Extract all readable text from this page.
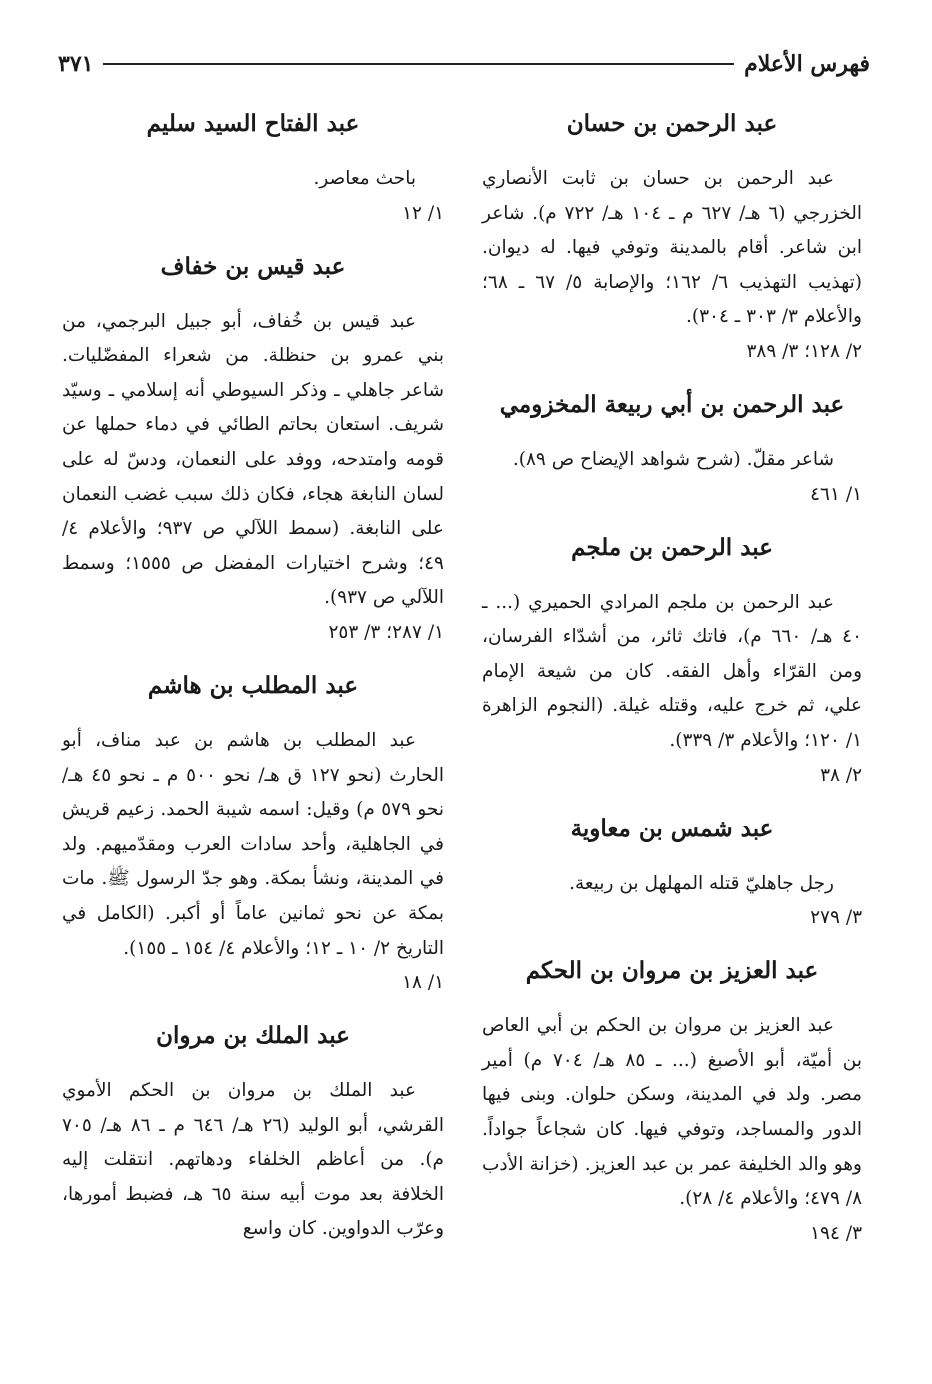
فهرس الأعلام
٣٧١
عبد الرحمن بن حسان

عبد الرحمن بن حسان بن ثابت الأنصاري الخزرجي (٦ هـ/ ٦٢٧ م ـ ١٠٤ هـ/ ٧٢٢ م). شاعر ابن شاعر. أقام بالمدينة وتوفي فيها. له ديوان. (تهذيب التهذيب ٦/ ١٦٢؛ والإصابة ٥/ ٦٧ ـ ٦٨؛ والأعلام ٣/ ٣٠٣ ـ ٣٠٤).

٢/ ١٢٨؛ ٣/ ٣٨٩
عبد الرحمن بن أبي ربيعة المخزومي

شاعر مقلّ. (شرح شواهد الإيضاح ص ٨٩).

١/ ٤٦١
عبد الرحمن بن ملجم

عبد الرحمن بن ملجم المرادي الحميري (... ـ ٤٠ هـ/ ٦٦٠ م)، فاتك ثائر، من أشدّاء الفرسان، ومن القرّاء وأهل الفقه. كان من شيعة الإمام علي، ثم خرج عليه، وقتله غيلة. (النجوم الزاهرة ١/ ١٢٠؛ والأعلام ٣/ ٣٣٩).

٢/ ٣٨
عبد شمس بن معاوية

رجل جاهليّ قتله المهلهل بن ربيعة.

٣/ ٢٧٩
عبد العزيز بن مروان بن الحكم

عبد العزيز بن مروان بن الحكم بن أبي العاص بن أميّة، أبو الأصبغ (... ـ ٨٥ هـ/ ٧٠٤ م) أمير مصر. ولد في المدينة، وسكن حلوان. وبنى فيها الدور والمساجد، وتوفي فيها. كان شجاعاً جواداً. وهو والد الخليفة عمر بن عبد العزيز. (خزانة الأدب ٨/ ٤٧٩؛ والأعلام ٤/ ٢٨).

٣/ ١٩٤
عبد الفتاح السيد سليم

باحث معاصر.

١/ ١٢
عبد قيس بن خفاف

عبد قيس بن خُفاف، أبو جبيل البرجمي، من بني عمرو بن حنظلة. من شعراء المفضّليات. شاعر جاهلي ـ وذكر السيوطي أنه إسلامي ـ وسيّد شريف. استعان بحاتم الطائي في دماء حملها عن قومه وامتدحه، ووفد على النعمان، ودسّ له على لسان النابغة هجاء، فكان ذلك سبب غضب النعمان على النابغة. (سمط اللآلي ص ٩٣٧؛ والأعلام ٤/ ٤٩؛ وشرح اختيارات المفضل ص ١٥٥٥؛ وسمط اللآلي ص ٩٣٧).

١/ ٢٨٧؛ ٣/ ٢٥٣
عبد المطلب بن هاشم

عبد المطلب بن هاشم بن عبد مناف، أبو الحارث (نحو ١٢٧ ق هـ/ نحو ٥٠٠ م ـ نحو ٤٥ هـ/ نحو ٥٧٩ م) وقيل: اسمه شيبة الحمد. زعيم قريش في الجاهلية، وأحد سادات العرب ومقدّميهم. ولد في المدينة، ونشأ بمكة. وهو جدّ الرسول ﷺ. مات بمكة عن نحو ثمانين عاماً أو أكبر. (الكامل في التاريخ ٢/ ١٠ ـ ١٢؛ والأعلام ٤/ ١٥٤ ـ ١٥٥).

١/ ١٨
عبد الملك بن مروان

عبد الملك بن مروان بن الحكم الأموي القرشي، أبو الوليد (٢٦ هـ/ ٦٤٦ م ـ ٨٦ هـ/ ٧٠٥ م). من أعاظم الخلفاء ودهاتهم. انتقلت إليه الخلافة بعد موت أبيه سنة ٦٥ هـ، فضبط أمورها، وعرّب الدواوين. كان واسع
